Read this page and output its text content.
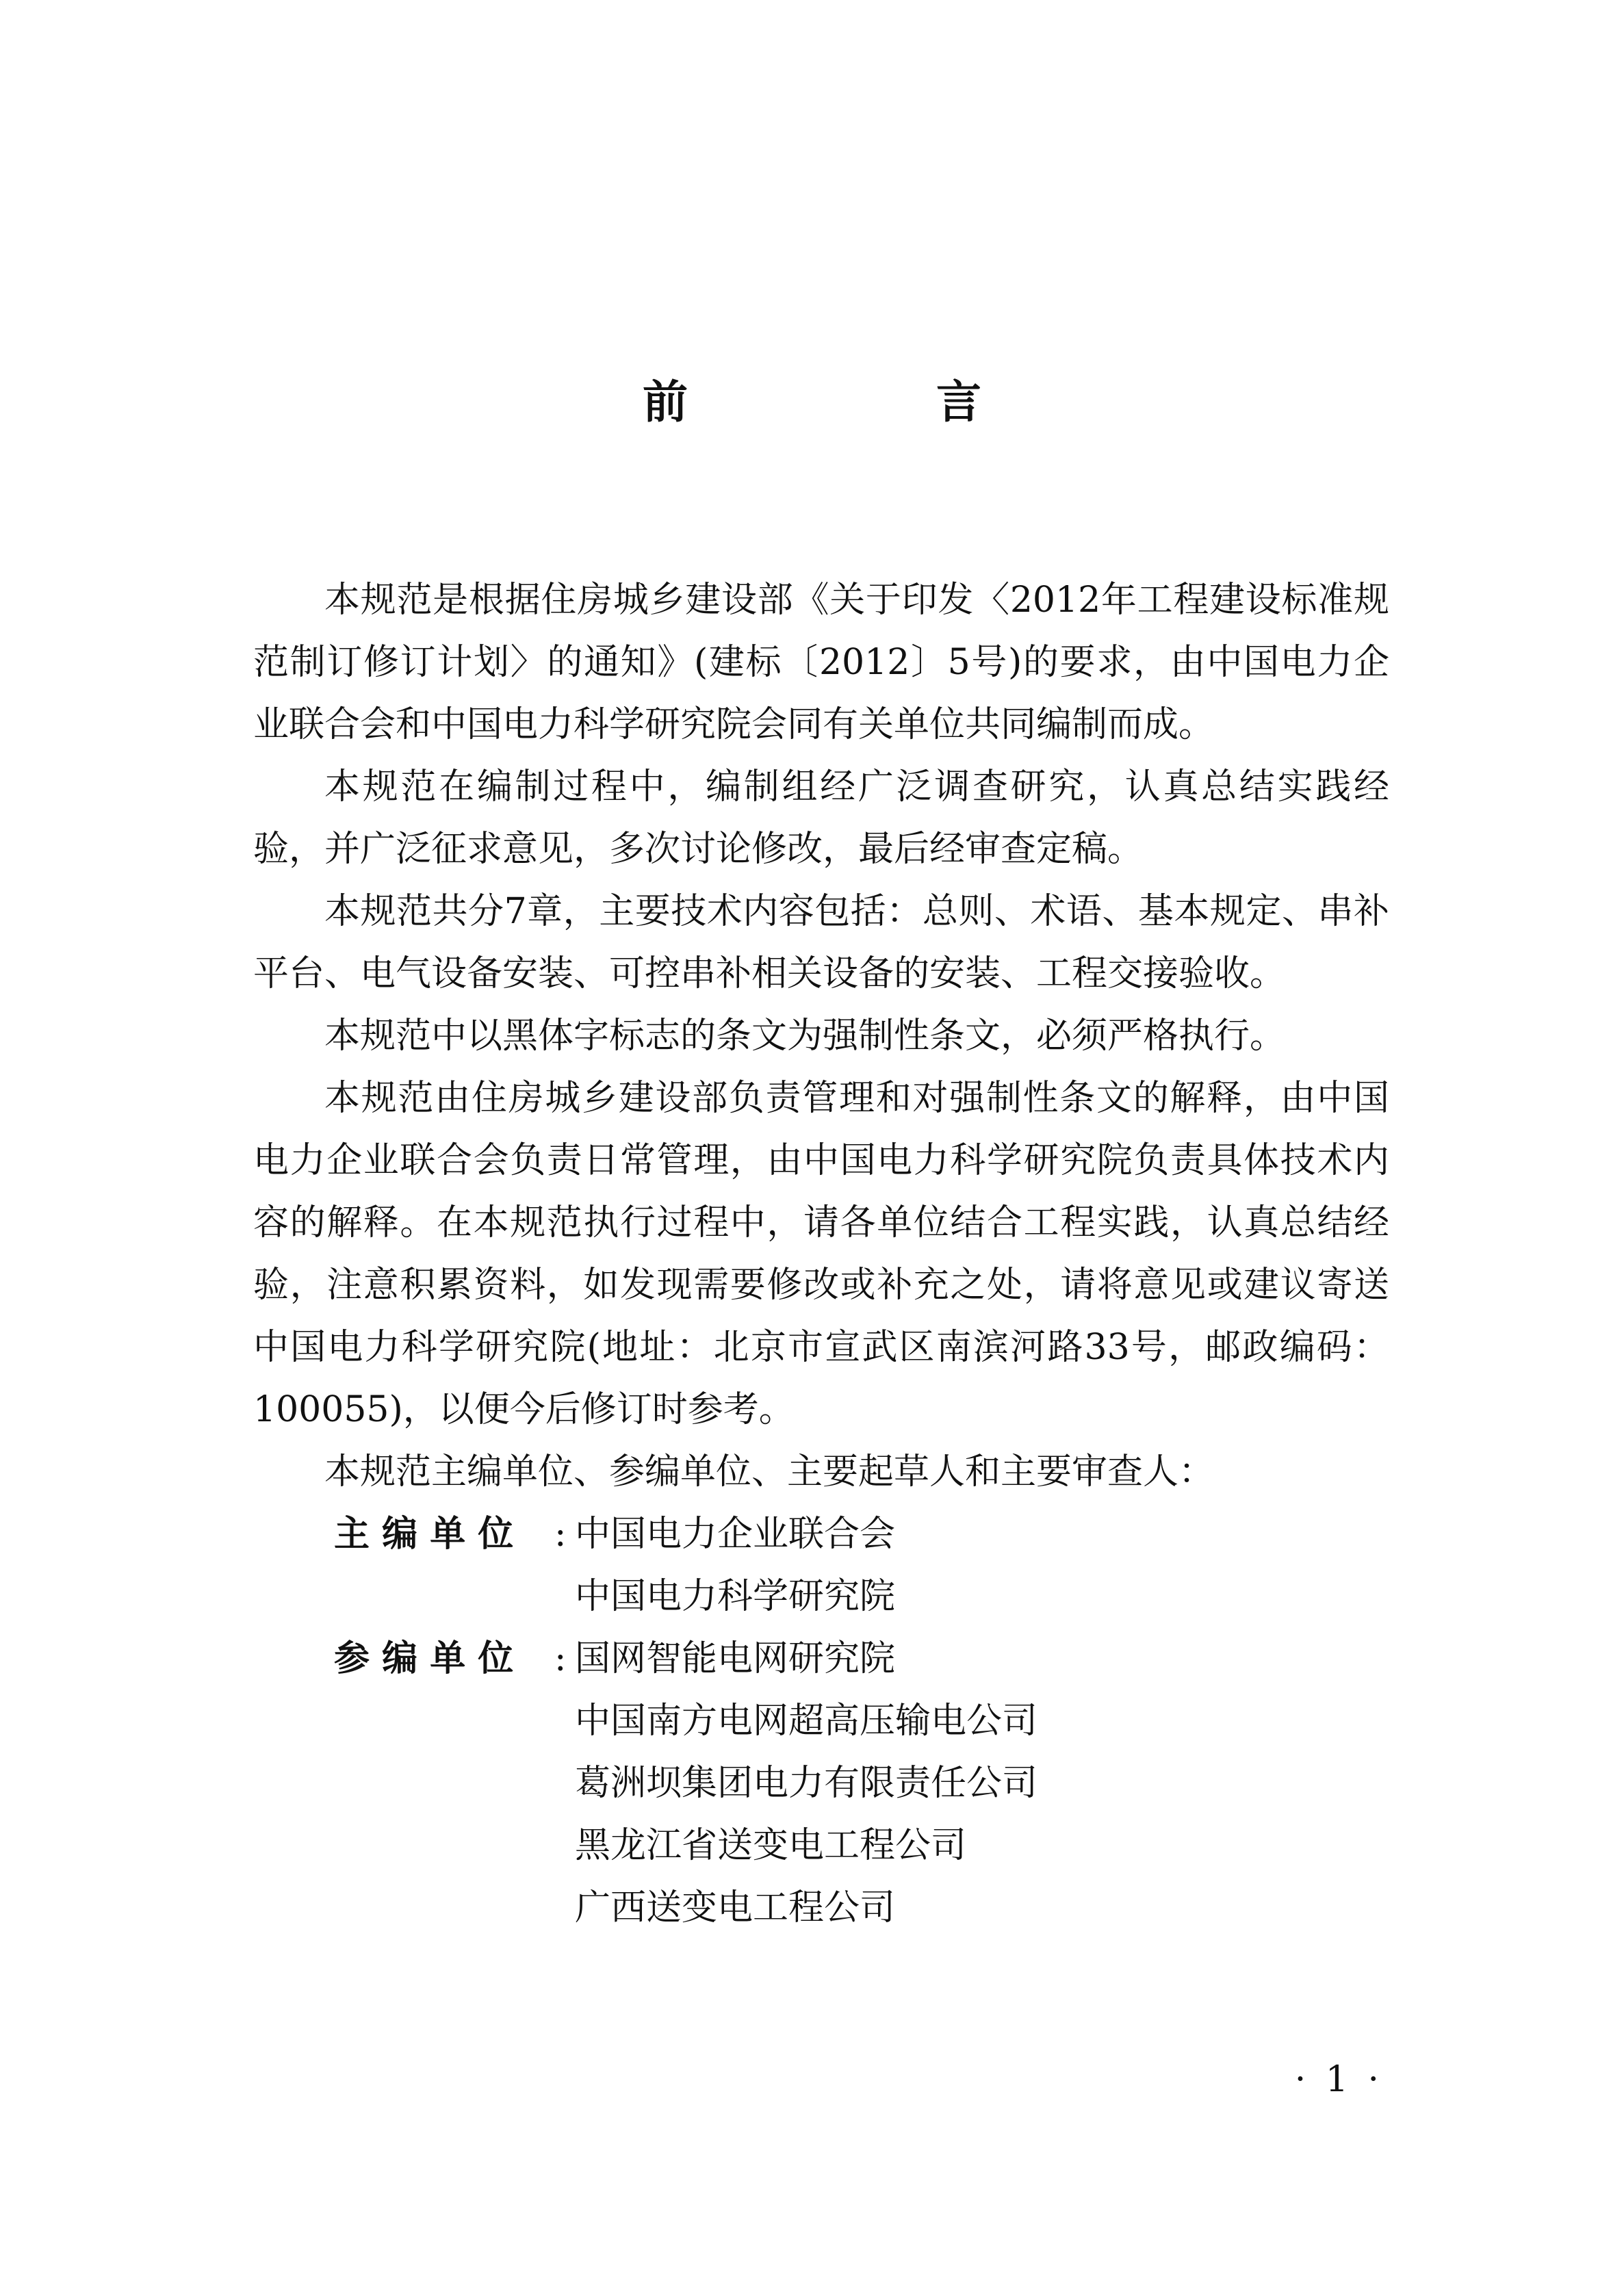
前 言

本规范是根据住房城乡建设部《关于印发〈2012年工程建设标准规范制订修订计划〉的通知》(建标〔2012〕5号)的要求，由中国电力企业联合会和中国电力科学研究院会同有关单位共同编制而成。

本规范在编制过程中，编制组经广泛调查研究，认真总结实践经验，并广泛征求意见，多次讨论修改，最后经审查定稿。

本规范共分7章，主要技术内容包括：总则、术语、基本规定、串补平台、电气设备安装、可控串补相关设备的安装、工程交接验收。

本规范中以黑体字标志的条文为强制性条文，必须严格执行。

本规范由住房城乡建设部负责管理和对强制性条文的解释，由中国电力企业联合会负责日常管理，由中国电力科学研究院负责具体技术内容的解释。在本规范执行过程中，请各单位结合工程实践，认真总结经验，注意积累资料，如发现需要修改或补充之处，请将意见或建议寄送中国电力科学研究院(地址：北京市宣武区南滨河路33号，邮政编码：100055)，以便今后修订时参考。

本规范主编单位、参编单位、主要起草人和主要审查人：

主 编 单 位	: 中国电力企业联合会
中国电力科学研究院
参 编 单 位	: 国网智能电网研究院
中国南方电网超高压输电公司
葛洲坝集团电力有限责任公司
黑龙江省送变电工程公司
广西送变电工程公司
· 1 ·
